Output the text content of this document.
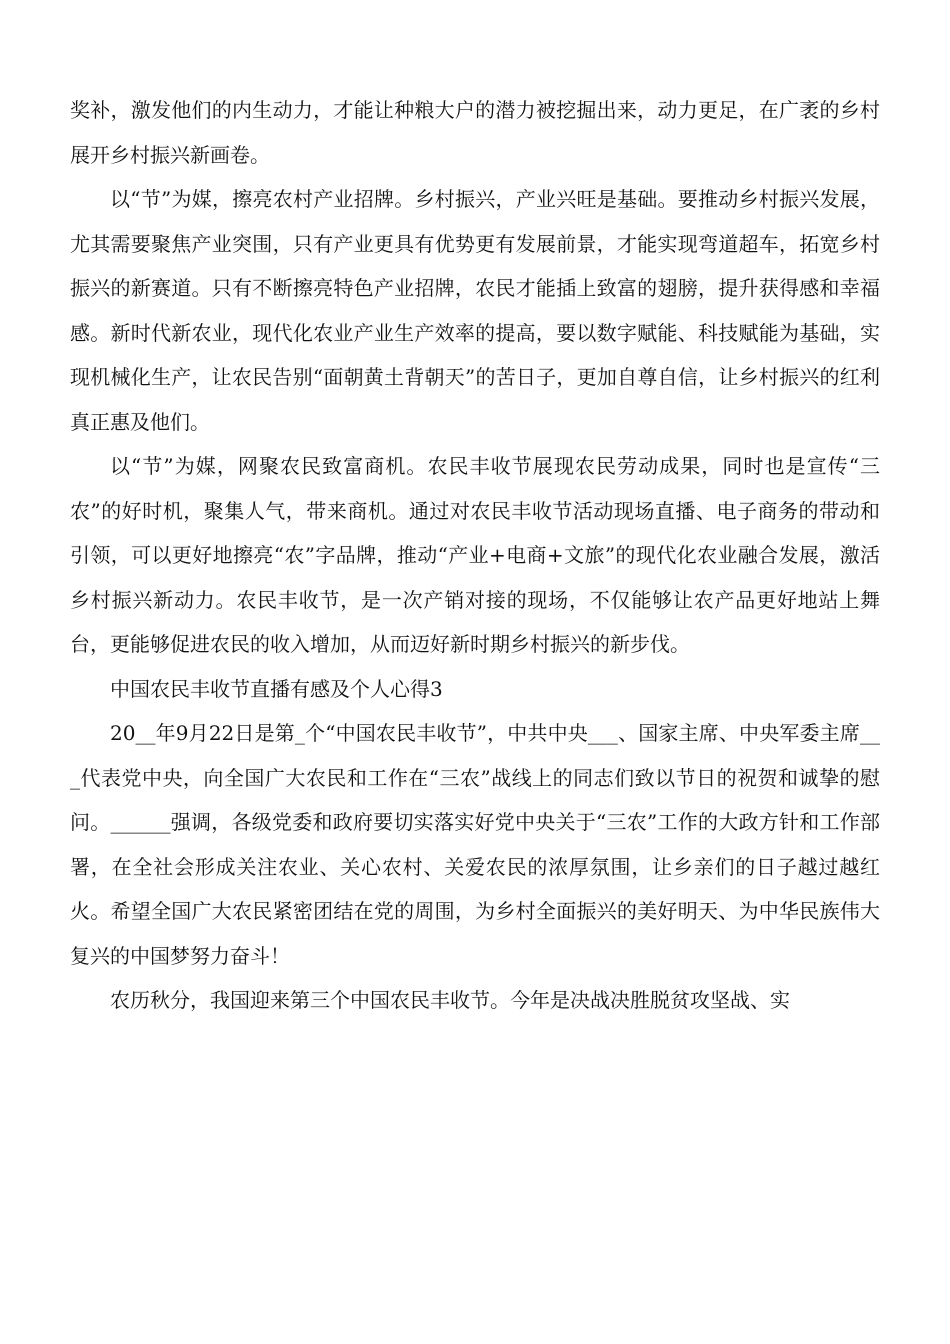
奖补，激发他们的内生动力，才能让种粮大户的潜力被挖掘出来，动力更足，在广袤的乡村展开乡村振兴新画卷。

以“节”为媒，擦亮农村产业招牌。乡村振兴，产业兴旺是基础。要推动乡村振兴发展，尤其需要聚焦产业突围，只有产业更具有优势更有发展前景，才能实现弯道超车，拓宽乡村振兴的新赛道。只有不断擦亮特色产业招牌，农民才能插上致富的翅膀，提升获得感和幸福感。新时代新农业，现代化农业产业生产效率的提高，要以数字赋能、科技赋能为基础，实现机械化生产，让农民告别“面朝黄土背朝天”的苦日子，更加自尊自信，让乡村振兴的红利真正惠及他们。

以“节”为媒，网聚农民致富商机。农民丰收节展现农民劳动成果，同时也是宣传“三农”的好时机，聚集人气，带来商机。通过对农民丰收节活动现场直播、电子商务的带动和引领，可以更好地擦亮“农”字品牌，推动“产业+电商+文旅”的现代化农业融合发展，激活乡村振兴新动力。农民丰收节，是一次产销对接的现场，不仅能够让农产品更好地站上舞台，更能够促进农民的收入增加，从而迈好新时期乡村振兴的新步伐。

中国农民丰收节直播有感及个人心得3

20__年9月22日是第_个“中国农民丰收节”，中共中央___、国家主席、中央军委主席___代表党中央，向全国广大农民和工作在“三农”战线上的同志们致以节日的祝贺和诚挚的慰问。______强调，各级党委和政府要切实落实好党中央关于“三农”工作的大政方针和工作部署，在全社会形成关注农业、关心农村、关爱农民的浓厚氛围，让乡亲们的日子越过越红火。希望全国广大农民紧密团结在党的周围，为乡村全面振兴的美好明天、为中华民族伟大复兴的中国梦努力奋斗！

农历秋分，我国迎来第三个中国农民丰收节。今年是决战决胜脱贫攻坚战、实
